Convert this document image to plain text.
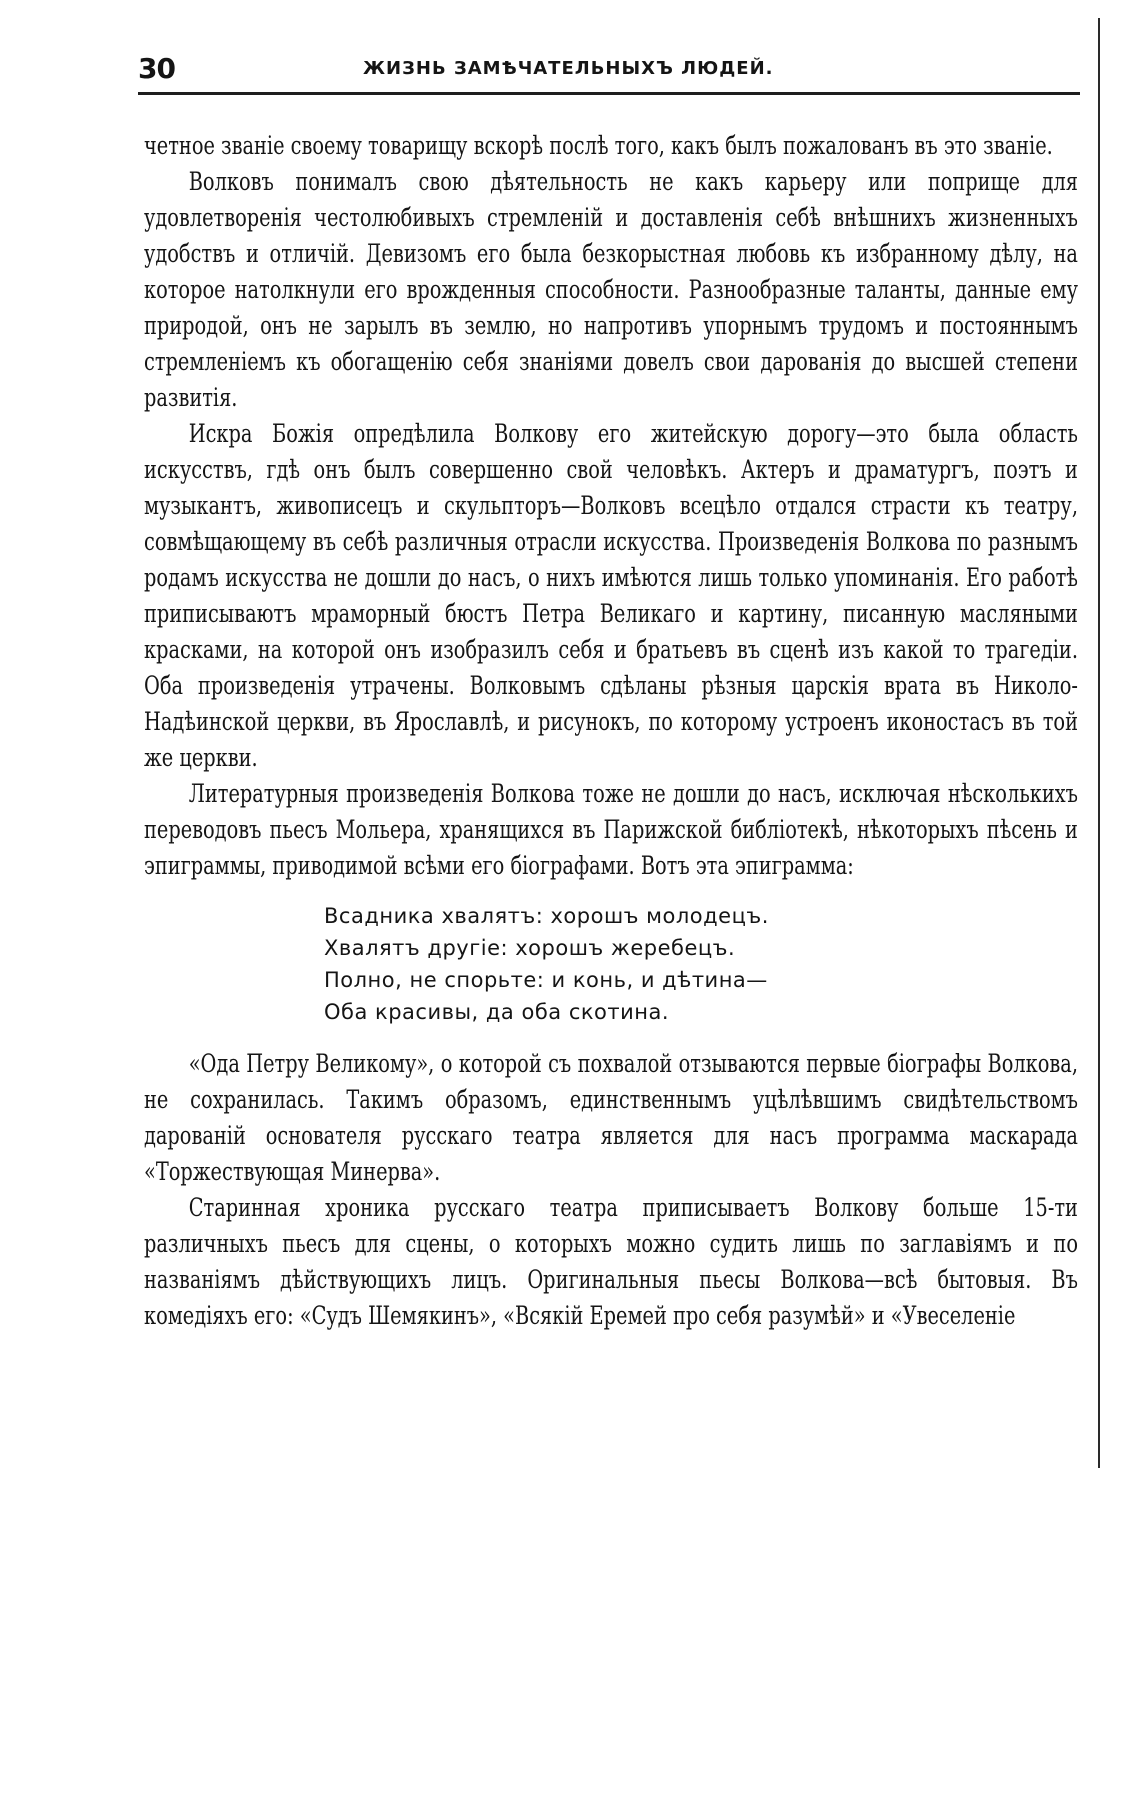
30	ЖИЗНЬ ЗАМѢЧАТЕЛЬНЫХЪ ЛЮДЕЙ.

четное званіе своему товарищу вскорѣ послѣ того, какъ былъ пожалованъ въ это званіе.

Волковъ понималъ свою дѣятельность не какъ карьеру или поприще для удовлетворенія честолюбивыхъ стремленій и доставленія себѣ внѣшнихъ жизненныхъ удобствъ и отличій. Девизомъ его была безкорыстная любовь къ избранному дѣлу, на которое натолкнули его врожденныя способности. Разнообразные таланты, данные ему природой, онъ не зарылъ въ землю, но напротивъ упорнымъ трудомъ и постояннымъ стремленіемъ къ обогащенію себя знаніями довелъ свои дарованія до высшей степени развитія.

Искра Божія опредѣлила Волкову его житейскую дорогу—это была область искусствъ, гдѣ онъ былъ совершенно свой человѣкъ. Актеръ и драматургъ, поэтъ и музыкантъ, живописецъ и скульпторъ—Волковъ всецѣло отдался страсти къ театру, совмѣщающему въ себѣ различныя отрасли искусства. Произведенія Волкова по разнымъ родамъ искусства не дошли до насъ, о нихъ имѣются лишь только упоминанія. Его работѣ приписываютъ мраморный бюстъ Петра Великаго и картину, писанную масляными красками, на которой онъ изобразилъ себя и братьевъ въ сценѣ изъ какой то трагедіи. Оба произведенія утрачены. Волковымъ сдѣланы рѣзныя царскія врата въ Николо-Надѣинской церкви, въ Ярославлѣ, и рисунокъ, по которому устроенъ иконостасъ въ той же церкви.

Литературныя произведенія Волкова тоже не дошли до насъ, исключая нѣсколькихъ переводовъ пьесъ Мольера, хранящихся въ Парижской библіотекѣ, нѣкоторыхъ пѣсень и эпиграммы, приводимой всѣми его біографами. Вотъ эта эпиграмма:

Всадника хвалятъ: хорошъ молодецъ.
Хвалятъ другіе: хорошъ жеребецъ.
Полно, не спорьте: и конь, и дѣтина—
Оба красивы, да оба скотина.

«Ода Петру Великому», о которой съ похвалой отзываются первые біографы Волкова, не сохранилась. Такимъ образомъ, единственнымъ уцѣлѣвшимъ свидѣтельствомъ дарованій основателя русскаго театра является для насъ программа маскарада «Торжествующая Минерва».

Старинная хроника русскаго театра приписываетъ Волкову больше 15-ти различныхъ пьесъ для сцены, о которыхъ можно судить лишь по заглавіямъ и по названіямъ дѣйствующихъ лицъ. Оригинальныя пьесы Волкова—всѣ бытовыя. Въ комедіяхъ его: «Судъ Шемякинъ», «Всякій Еремей про себя разумѣй» и «Увеселеніе
